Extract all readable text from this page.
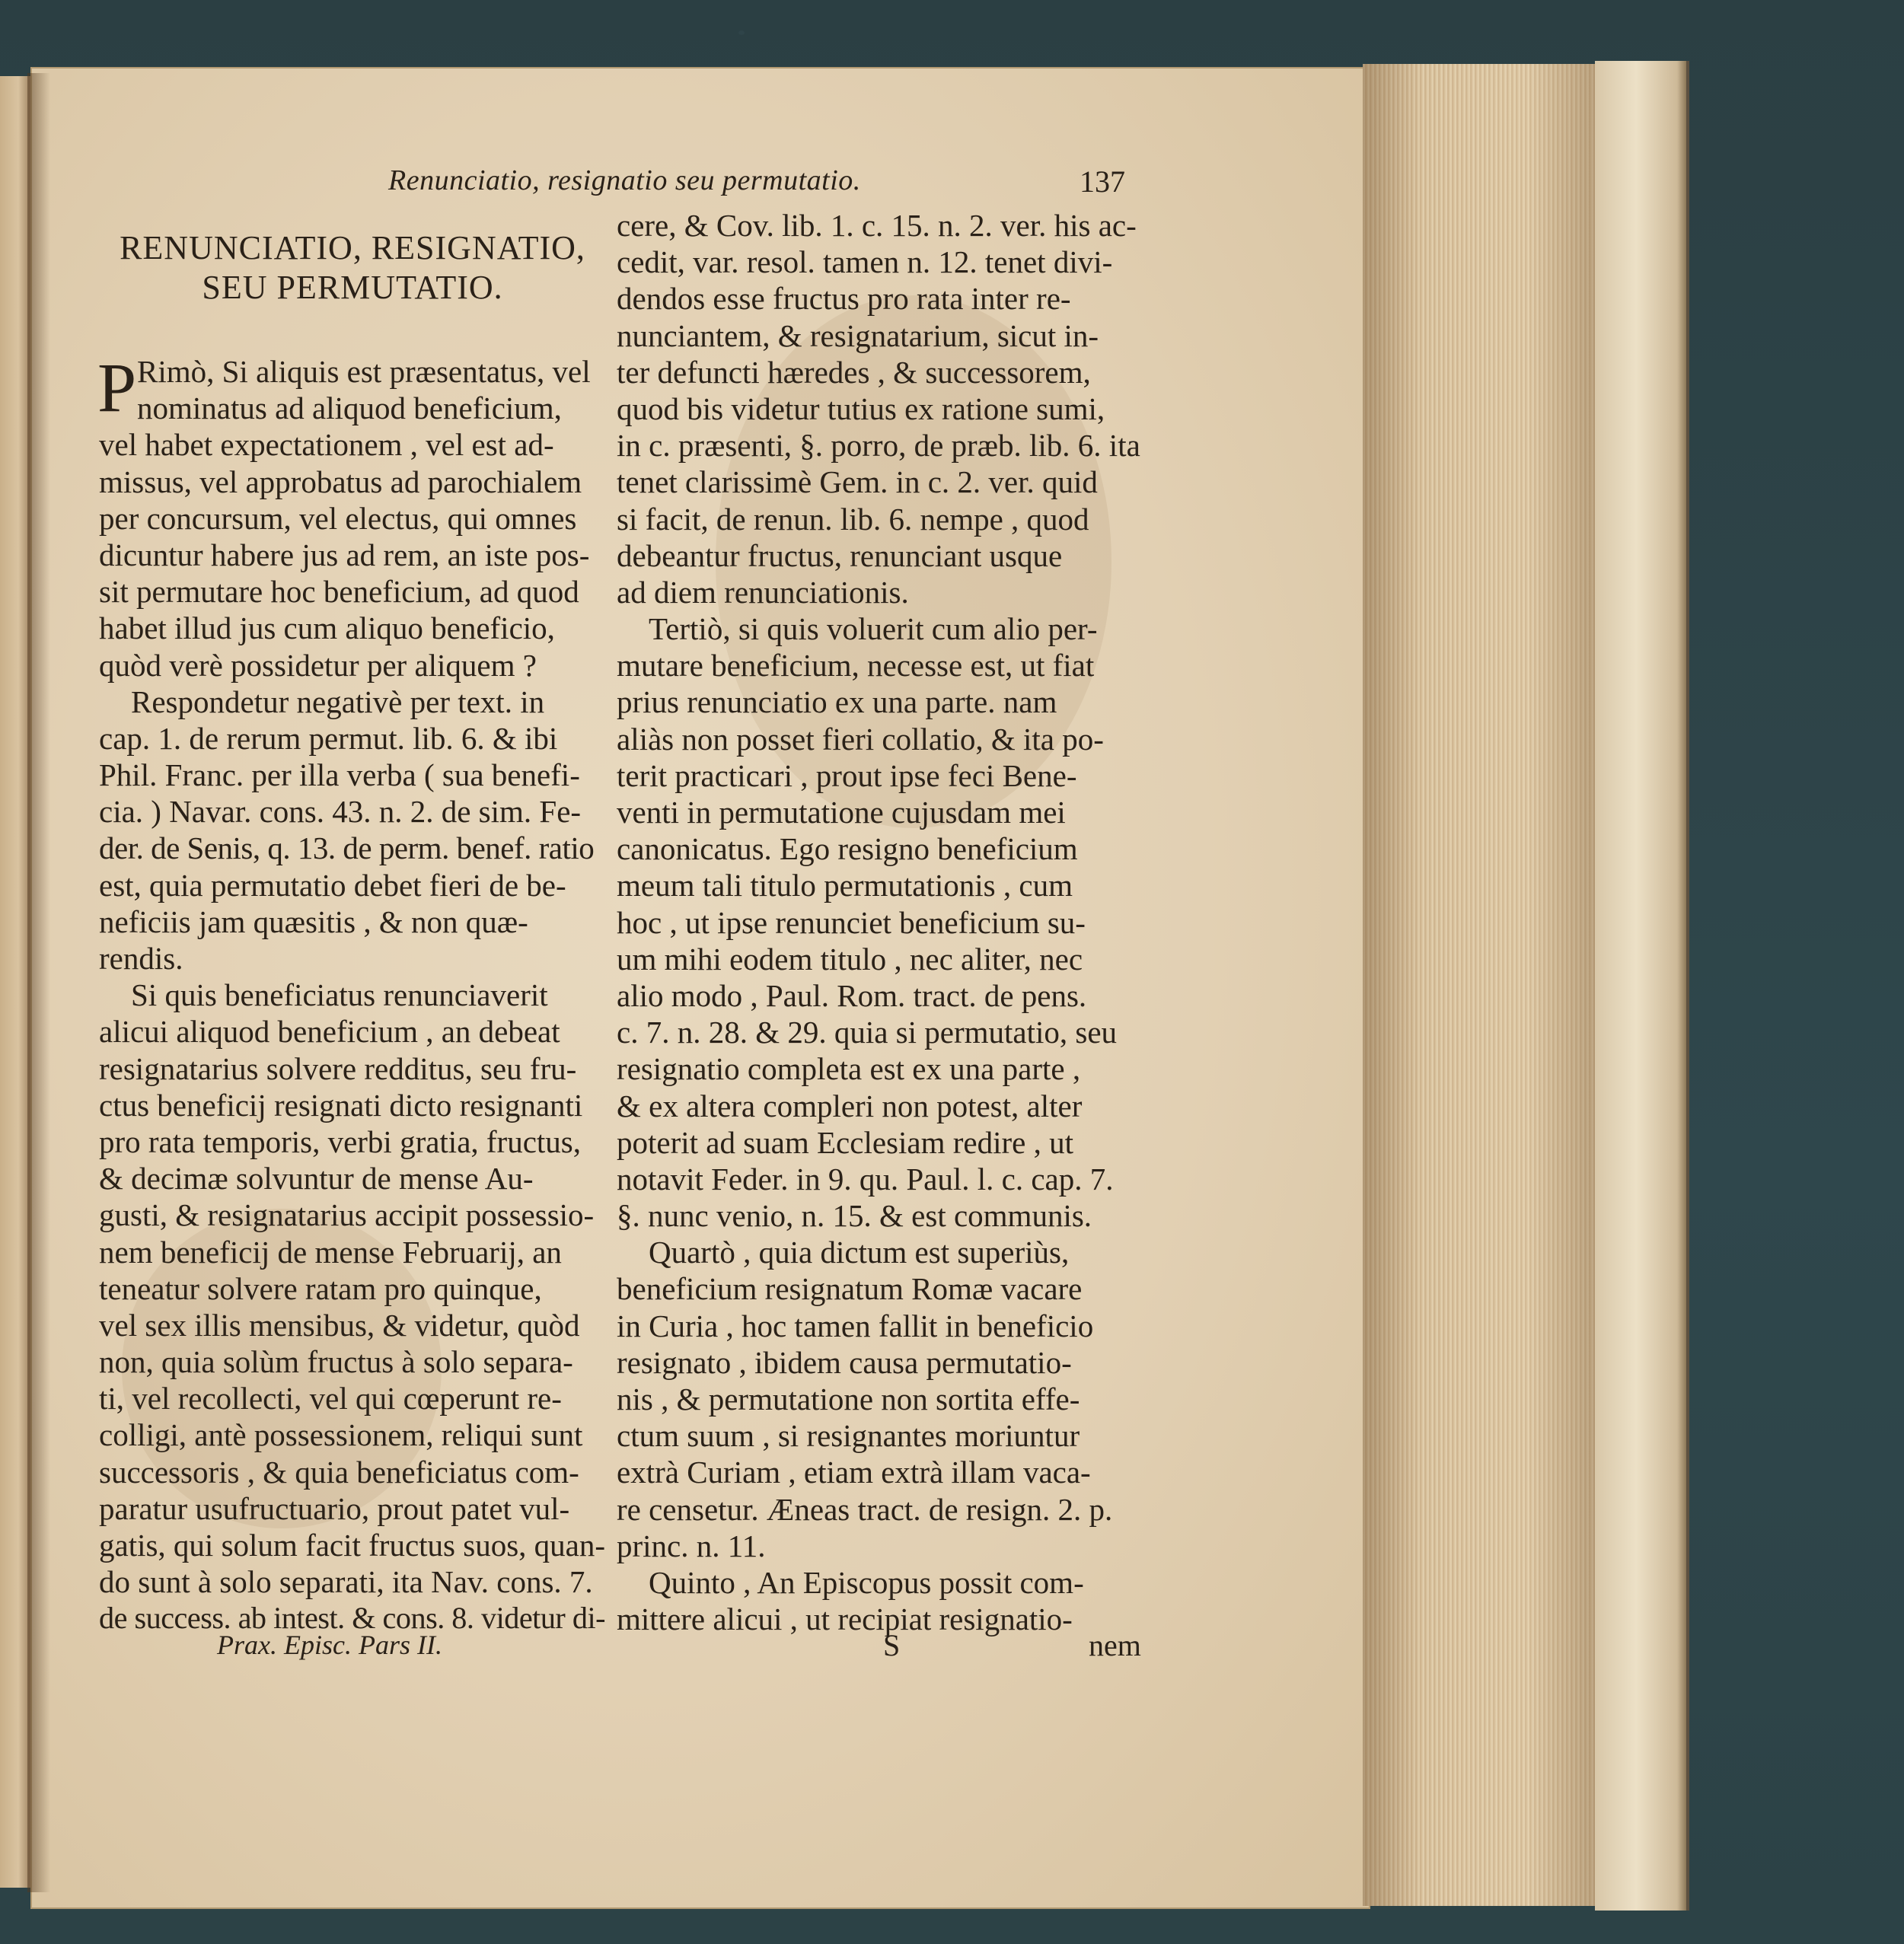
Renunciatio, resignatio seu permutatio.	137
RENUNCIATIO, RESIGNATIO,
SEU PERMUTATIO.
P Rimò, Si aliquis est præsentatus, vel
nominatus ad aliquod beneficium,
vel habet expectationem , vel est ad-
missus, vel approbatus ad parochialem
per concursum, vel electus, qui omnes
dicuntur habere jus ad rem, an iste pos-
sit permutare hoc beneficium, ad quod
habet illud jus cum aliquo beneficio,
quòd verè possidetur per aliquem ?
Respondetur negativè per text. in
cap. 1. de rerum permut. lib. 6. & ibi
Phil. Franc. per illa verba ( sua benefi-
cia. ) Navar. cons. 43. n. 2. de sim. Fe-
der. de Senis, q. 13. de perm. benef. ratio
est, quia permutatio debet fieri de be-
neficiis jam quæsitis , & non quæ-
rendis.
Si quis beneficiatus renunciaverit
alicui aliquod beneficium , an debeat
resignatarius solvere redditus, seu fru-
ctus beneficij resignati dicto resignanti
pro rata temporis, verbi gratia, fructus,
& decimæ solvuntur de mense Au-
gusti, & resignatarius accipit possessio-
nem beneficij de mense Februarij, an
teneatur solvere ratam pro quinque,
vel sex illis mensibus, & videtur, quòd
non, quia solùm fructus à solo separa-
ti, vel recollecti, vel qui cœperunt re-
colligi, antè possessionem, reliqui sunt
successoris , & quia beneficiatus com-
paratur usufructuario, prout patet vul-
gatis, qui solum facit fructus suos, quan-
do sunt à solo separati, ita Nav. cons. 7.
de success. ab intest. & cons. 8. videtur di-
cere, & Cov. lib. 1. c. 15. n. 2. ver. his ac-
cedit, var. resol. tamen n. 12. tenet divi-
dendos esse fructus pro rata inter re-
nunciantem, & resignatarium, sicut in-
ter defuncti hæredes , & successorem,
quod bis videtur tutius ex ratione sumi,
in c. præsenti, §. porro, de præb. lib. 6. ita
tenet clarissimè Gem. in c. 2. ver. quid
si facit, de renun. lib. 6. nempe , quod
debeantur fructus, renunciant usque
ad diem renunciationis.
Tertiò, si quis voluerit cum alio per-
mutare beneficium, necesse est, ut fiat
prius renunciatio ex una parte. nam
aliàs non posset fieri collatio, & ita po-
terit practicari , prout ipse feci Bene-
venti in permutatione cujusdam mei
canonicatus. Ego resigno beneficium
meum tali titulo permutationis , cum
hoc , ut ipse renunciet beneficium su-
um mihi eodem titulo , nec aliter, nec
alio modo , Paul. Rom. tract. de pens.
c. 7. n. 28. & 29. quia si permutatio, seu
resignatio completa est ex una parte ,
& ex altera compleri non potest, alter
poterit ad suam Ecclesiam redire , ut
notavit Feder. in 9. qu. Paul. l. c. cap. 7.
§. nunc venio, n. 15. & est communis.
Quartò , quia dictum est superiùs,
beneficium resignatum Romæ vacare
in Curia , hoc tamen fallit in beneficio
resignato , ibidem causa permutatio-
nis , & permutatione non sortita effe-
ctum suum , si resignantes moriuntur
extrà Curiam , etiam extrà illam vaca-
re censetur. Æneas tract. de resign. 2. p.
princ. n. 11.
Quinto , An Episcopus possit com-
mittere alicui , ut recipiat resignatio-
Prax. Episc. Pars II.	S	nem
